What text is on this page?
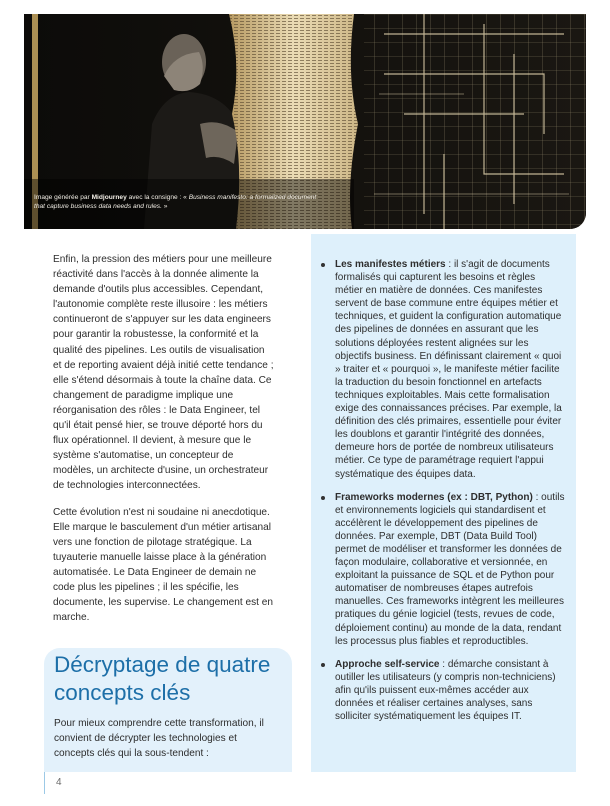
Image générée par Midjourney avec la consigne : « Business manifesto: a formalized document that capture business data needs and rules. »

Enfin, la pression des métiers pour une meilleure réactivité dans l'accès à la donnée alimente la demande d'outils plus accessibles. Cependant, l'autonomie complète reste illusoire : les métiers continueront de s'appuyer sur les data engineers pour garantir la robustesse, la conformité et la qualité des pipelines. Les outils de visualisation et de reporting avaient déjà initié cette tendance ; elle s'étend désormais à toute la chaîne data. Ce changement de paradigme implique une réorganisation des rôles : le Data Engineer, tel qu'il était pensé hier, se trouve déporté hors du flux opérationnel. Il devient, à mesure que le système s'automatise, un concepteur de modèles, un architecte d'usine, un orchestrateur de technologies interconnectées.

Cette évolution n'est ni soudaine ni anecdotique. Elle marque le basculement d'un métier artisanal vers une fonction de pilotage stratégique. La tuyauterie manuelle laisse place à la génération automatisée. Le Data Engineer de demain ne code plus les pipelines ; il les spécifie, les documente, les supervise. Le changement est en marche.

Décryptage de quatre concepts clés
Pour mieux comprendre cette transformation, il convient de décrypter les technologies et concepts clés qui la sous-tendent :
Les manifestes métiers : il s'agit de documents formalisés qui capturent les besoins et règles métier en matière de données. Ces manifestes servent de base commune entre équipes métier et techniques, et guident la configuration automatique des pipelines de données en assurant que les solutions déployées restent alignées sur les objectifs business. En définissant clairement « quoi » traiter et « pourquoi », le manifeste métier facilite la traduction du besoin fonctionnel en artefacts techniques exploitables. Mais cette formalisation exige des connaissances précises. Par exemple, la définition des clés primaires, essentielle pour éviter les doublons et garantir l'intégrité des données, demeure hors de portée de nombreux utilisateurs métier. Ce type de paramétrage requiert l'appui systématique des équipes data.
Frameworks modernes (ex : DBT, Python) : outils et environnements logiciels qui standardisent et accélèrent le développement des pipelines de données. Par exemple, DBT (Data Build Tool) permet de modéliser et transformer les données de façon modulaire, collaborative et versionnée, en exploitant la puissance de SQL et de Python pour automatiser de nombreuses étapes autrefois manuelles. Ces frameworks intègrent les meilleures pratiques du génie logiciel (tests, revues de code, déploiement continu) au monde de la data, rendant les processus plus fiables et reproductibles.
Approche self-service : démarche consistant à outiller les utilisateurs (y compris non-techniciens) afin qu'ils puissent eux-mêmes accéder aux données et réaliser certaines analyses, sans solliciter systématiquement les équipes IT.
4
